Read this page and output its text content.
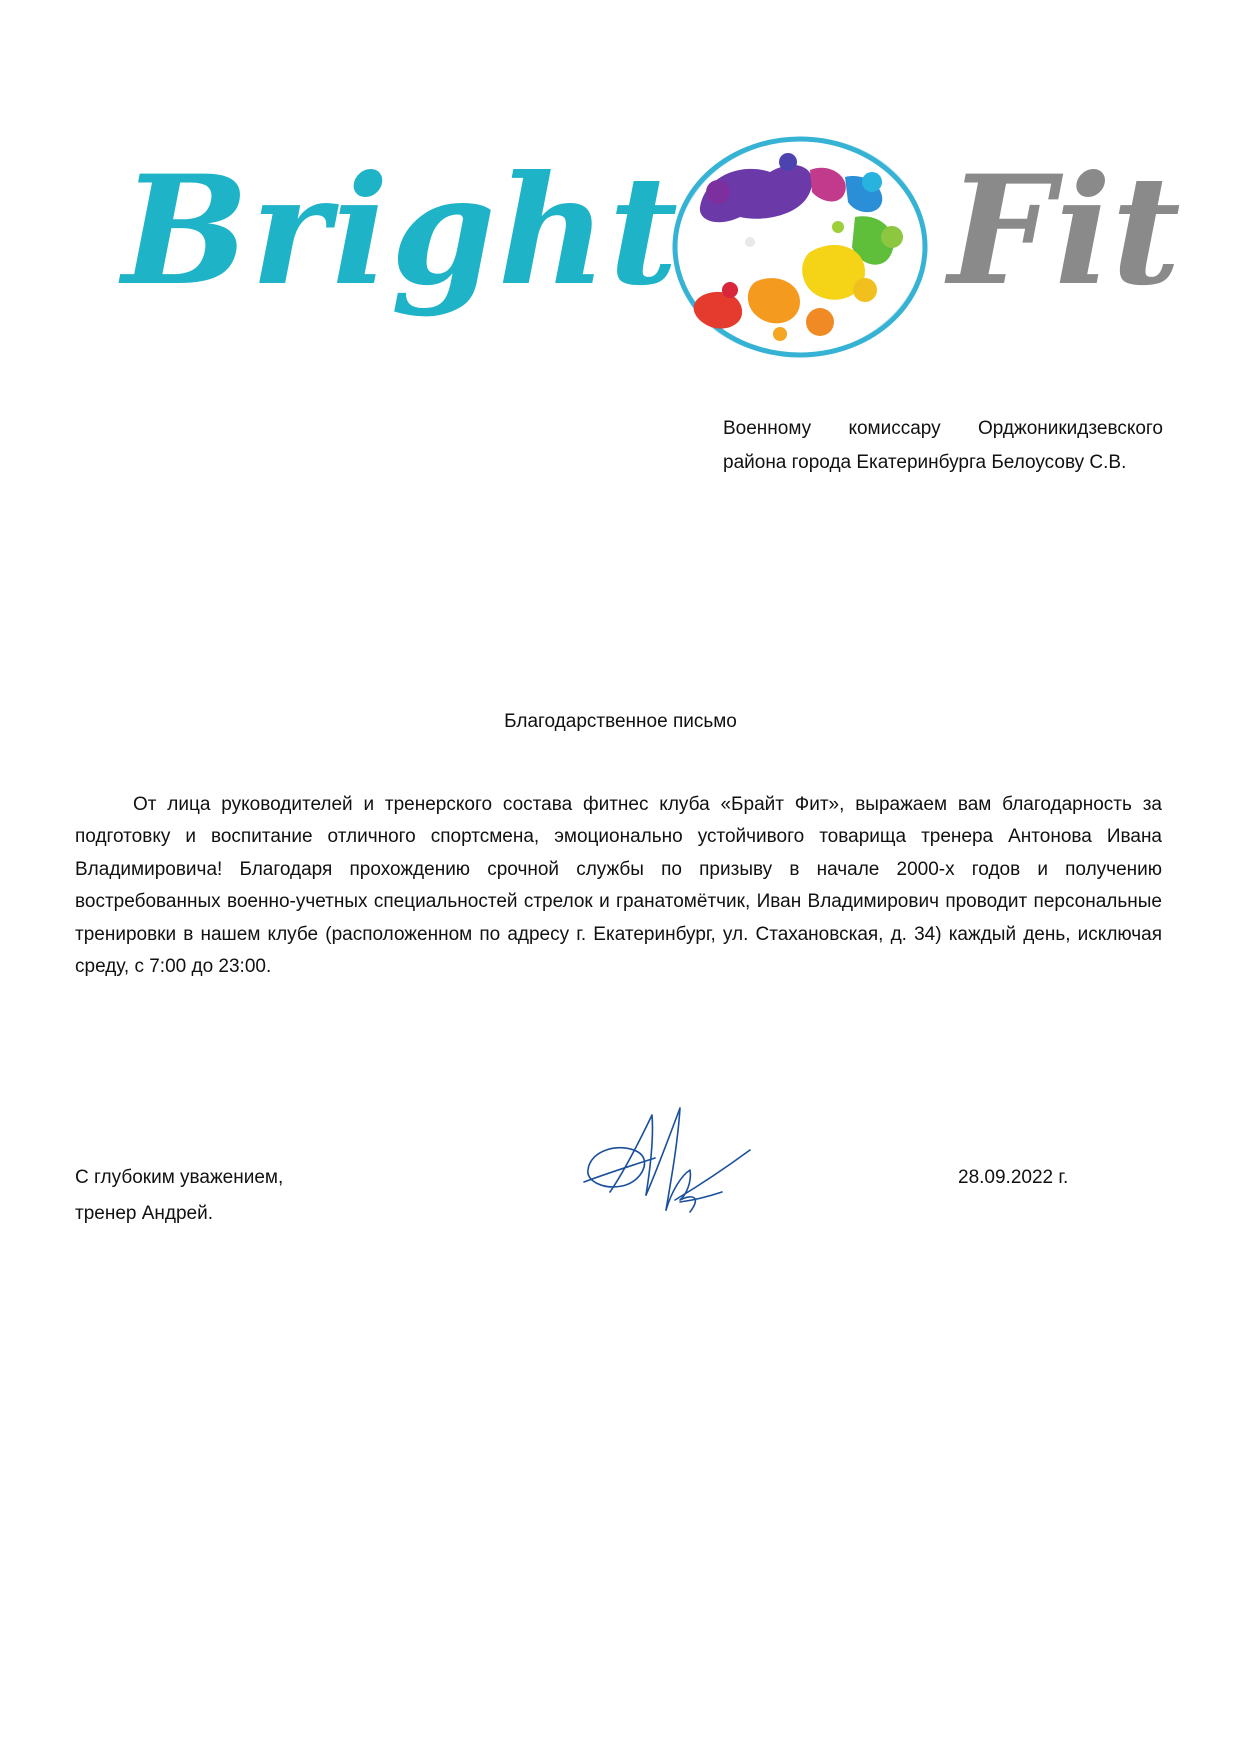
Bright Fit
Военному комиссару Орджоникидзевского
района города Екатеринбурга Белоусову С.В.
Благодарственное письмо

От лица руководителей и тренерского состава фитнес клуба «Брайт Фит», выражаем вам благодарность за подготовку и воспитание отличного спортсмена, эмоционально устойчивого товарища тренера Антонова Ивана Владимировича! Благодаря прохождению срочной службы по призыву в начале 2000-х годов и получению востребованных военно-учетных специальностей стрелок и гранатомётчик, Иван Владимирович проводит персональные тренировки в нашем клубе (расположенном по адресу г. Екатеринбург, ул. Стахановская, д. 34) каждый день, исключая среду, с 7:00 до 23:00.

С глубоким уважением,
тренер Андрей.
28.09.2022 г.
